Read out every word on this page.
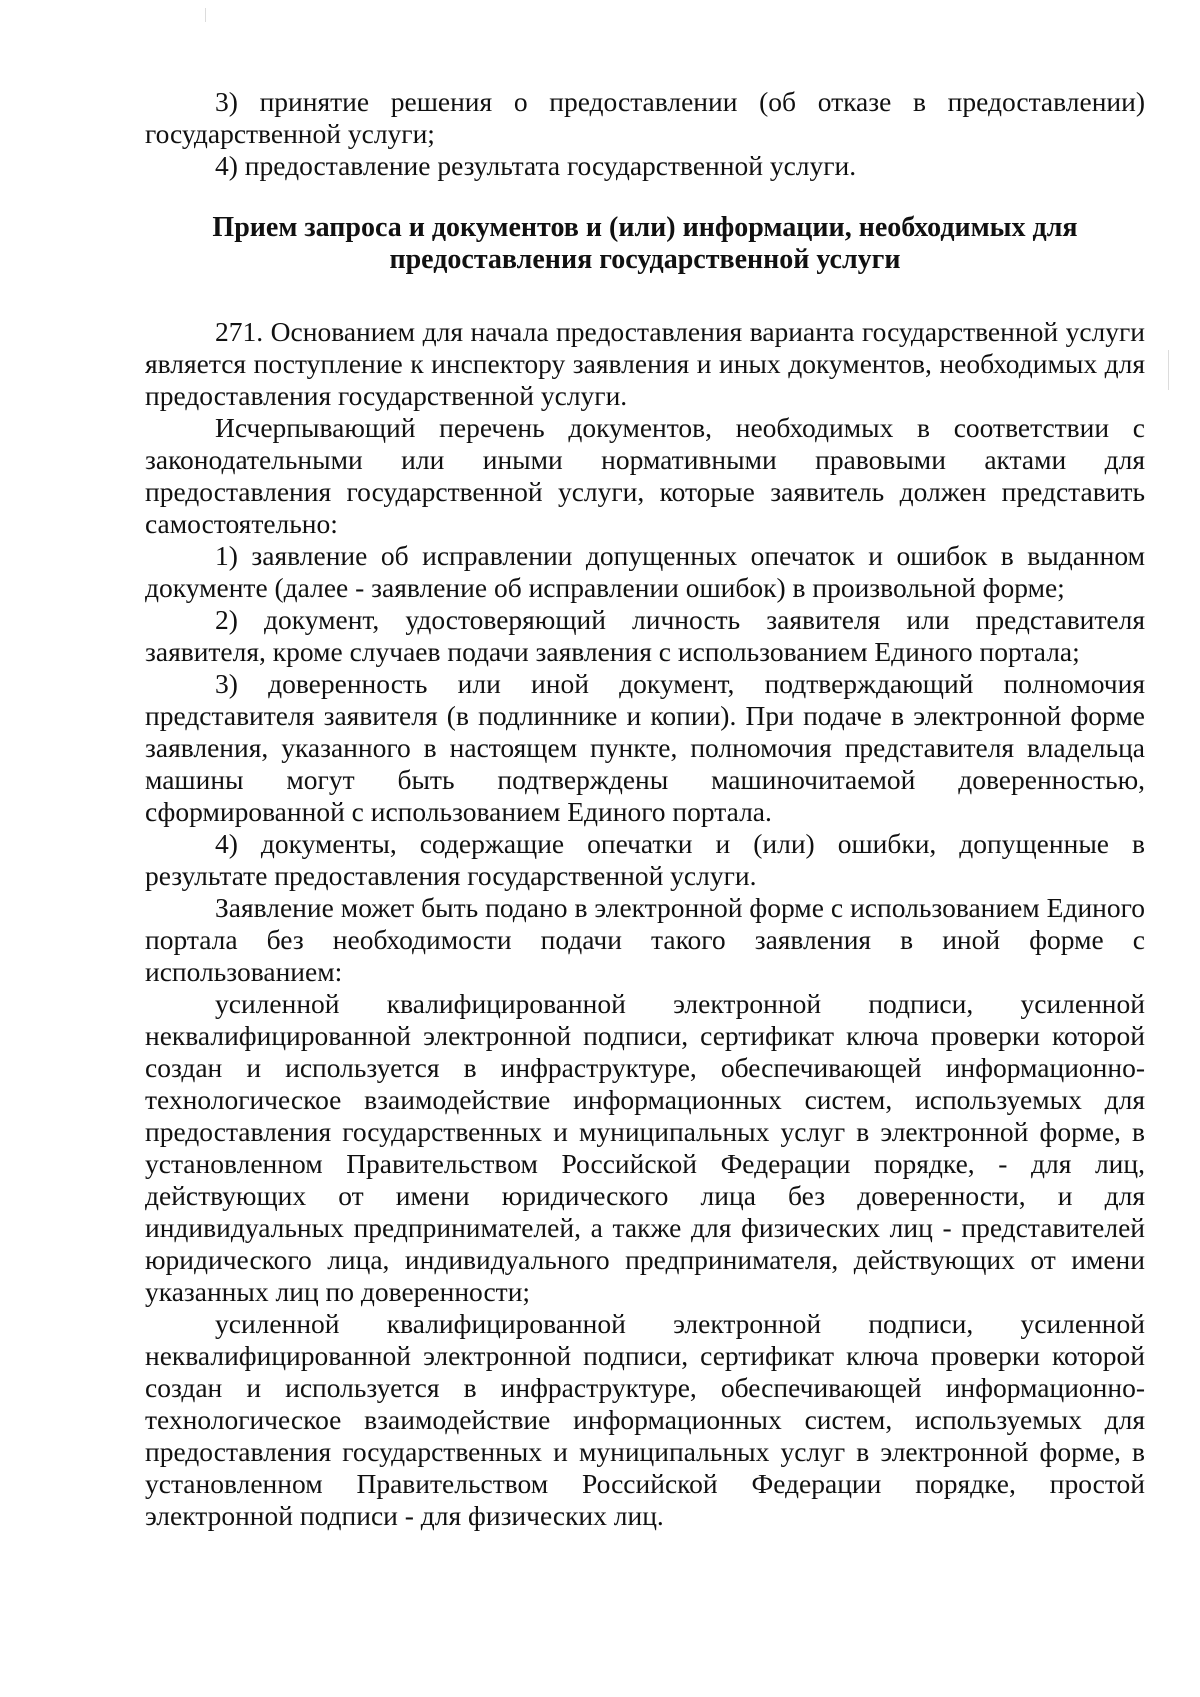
3) принятие решения о предоставлении (об отказе в предоставлении) государственной услуги;

4) предоставление результата государственной услуги.

Прием запроса и документов и (или) информации, необходимых для
предоставления государственной услуги

271. Основанием для начала предоставления варианта государственной услуги является поступление к инспектору заявления и иных документов, необходимых для предоставления государственной услуги.

Исчерпывающий перечень документов, необходимых в соответствии с законодательными или иными нормативными правовыми актами для предоставления государственной услуги, которые заявитель должен представить самостоятельно:

1) заявление об исправлении допущенных опечаток и ошибок в выданном документе (далее - заявление об исправлении ошибок) в произвольной форме;

2) документ, удостоверяющий личность заявителя или представителя заявителя, кроме случаев подачи заявления с использованием Единого портала;

3) доверенность или иной документ, подтверждающий полномочия представителя заявителя (в подлиннике и копии). При подаче в электронной форме заявления, указанного в настоящем пункте, полномочия представителя владельца машины могут быть подтверждены машиночитаемой доверенностью, сформированной с использованием Единого портала.

4) документы, содержащие опечатки и (или) ошибки, допущенные в результате предоставления государственной услуги.

Заявление может быть подано в электронной форме с использованием Единого портала без необходимости подачи такого заявления в иной форме с использованием:

усиленной квалифицированной электронной подписи, усиленной неквалифицированной электронной подписи, сертификат ключа проверки которой создан и используется в инфраструктуре, обеспечивающей информационно-технологическое взаимодействие информационных систем, используемых для предоставления государственных и муниципальных услуг в электронной форме, в установленном Правительством Российской Федерации порядке, - для лиц, действующих от имени юридического лица без доверенности, и для индивидуальных предпринимателей, а также для физических лиц - представителей юридического лица, индивидуального предпринимателя, действующих от имени указанных лиц по доверенности;

усиленной квалифицированной электронной подписи, усиленной неквалифицированной электронной подписи, сертификат ключа проверки которой создан и используется в инфраструктуре, обеспечивающей информационно-технологическое взаимодействие информационных систем, используемых для предоставления государственных и муниципальных услуг в электронной форме, в установленном Правительством Российской Федерации порядке, простой электронной подписи - для физических лиц.
